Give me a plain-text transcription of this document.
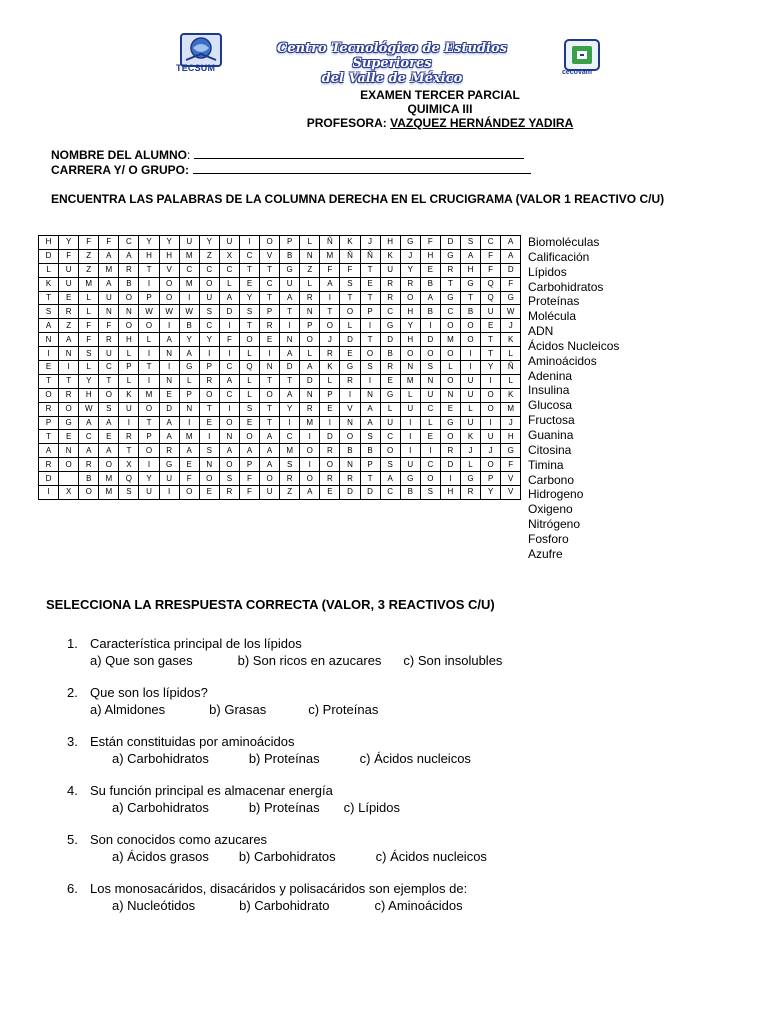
TECSUM
Centro Tecnológico de Estudios Superiores
del Valle de México	cecovam
EXAMEN TERCER PARCIAL
QUIMICA III
PROFESORA: VAZQUEZ HERNÁNDEZ YADIRA
NOMBRE DEL ALUMNO:
CARRERA Y/ O GRUPO:
ENCUENTRA LAS PALABRAS DE LA COLUMNA DERECHA EN EL CRUCIGRAMA (VALOR 1 REACTIVO C/U)
H	Y	F	F	C	Y	Y	U	Y	U	I	O	P	L	Ñ	K	J	H	G	F	D	S	C	A
D	F	Z	A	A	H	H	M	Z	X	C	V	B	N	M	Ñ	Ñ	K	J	H	G	A	F	A
L	U	Z	M	R	T	V	C	C	C	T	T	G	Z	F	F	T	U	Y	E	R	H	F	D
K	U	M	A	B	I	O	M	O	L	E	C	U	L	A	S	E	R	R	B	T	G	Q	F
T	E	L	U	O	P	O	I	U	A	Y	T	A	R	I	T	T	R	O	A	G	T	Q	G
S	R	L	N	N	W	W	W	S	D	S	P	T	N	T	O	P	C	H	B	C	B	U	W
A	Z	F	F	O	O	I	B	C	I	T	R	I	P	O	L	I	G	Y	I	O	O	E	J
N	A	F	R	H	L	A	Y	Y	F	O	E	N	O	J	D	T	D	H	D	M	O	T	K
I	N	S	U	L	I	N	A	I	I	L	I	A	L	R	E	O	B	O	O	O	I	T	L
E	I	L	C	P	T	I	G	P	C	Q	N	D	A	K	G	S	R	N	S	L	I	Y	Ñ
T	T	Y	T	L	I	N	L	R	A	L	T	T	D	L	R	I	E	M	N	O	U	I	L
O	R	H	O	K	M	E	P	O	C	L	O	A	N	P	I	N	G	L	U	N	U	O	K
R	O	W	S	U	O	D	N	T	I	S	T	Y	R	E	V	A	L	U	C	E	L	O	M
P	G	A	A	I	T	A	I	E	O	E	T	I	M	I	N	A	U	I	L	G	U	I	J
T	E	C	E	R	P	A	M	I	N	O	A	C	I	D	O	S	C	I	E	O	K	U	H
A	N	A	A	T	O	R	A	S	A	A	A	M	O	R	B	B	O	I	I	R	J	J	G
R	O	R	O	X	I	G	E	N	O	P	A	S	I	O	N	P	S	U	C	D	L	O	F
D		B	M	Q	Y	U	F	O	S	F	O	R	O	R	R	T	A	G	O	I	G	P	V
I	X	O	M	S	U	I	O	E	R	F	U	Z	A	E	D	D	C	B	S	H	R	Y	V
Biomoléculas
Calificación
Lípidos
Carbohidratos
Proteínas
Molécula
ADN
Ácidos Nucleicos
Aminoácidos
Adenina
Insulina
Glucosa
Fructosa
Guanina
Citosina
Timina
Carbono
Hidrogeno
Oxigeno
Nitrógeno
Fosforo
Azufre
SELECCIONA LA RRESPUESTA CORRECTA (VALOR, 3 REACTIVOS C/U)
1. Característica principal de los lípidos
a) Que son gases	b) Son ricos en azucares c) Son insolubles
2. Que son los lípidos?
a) Almidones	b) Grasas	c) Proteínas
3. Están constituidas por aminoácidos
a) Carbohidratos	b) Proteínas	c) Ácidos nucleicos
4. Su función principal es almacenar energía
a) Carbohidratos	b) Proteínas c) Lípidos
5. Son conocidos como azucares
a) Ácidos grasos b) Carbohidratos	c) Ácidos nucleicos
6. Los monosacáridos, disacáridos y polisacáridos son ejemplos de:
a) Nucleótidos	b) Carbohidrato	c) Aminoácidos
